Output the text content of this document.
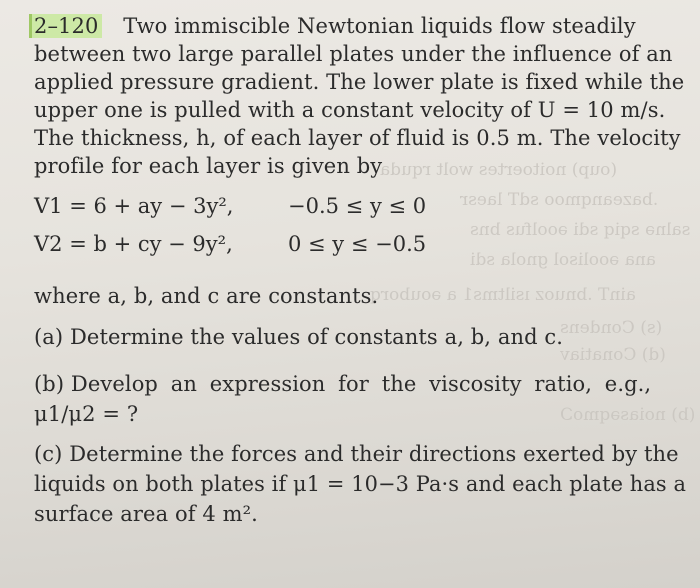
(oup) noitoertes wolt rquda
.bazeanqmoo sdT laesr
salnə sqiq sdi əoolfus bns
ana əoolisol gnola sdi
ainT .bnuoz ısiltms1 a əouborq
(s) Condens
(d) Conatiav
(b) noiasəqmoƆ
2–120 Two immiscible Newtonian liquids flow steadily
between two large parallel plates under the influence of an
applied pressure gradient. The lower plate is fixed while the
upper one is pulled with a constant velocity of U = 10 m/s.
The thickness, h, of each layer of fluid is 0.5 m. The velocity
profile for each layer is given by
V1 = 6 + ay − 3y²,	−0.5 ≤ y ≤ 0
V2 = b + cy − 9y²,	0 ≤ y ≤ −0.5
where a, b, and c are constants.
(a) Determine the values of constants a, b, and c.
(b) Develop an expression for the viscosity ratio, e.g.,
μ1/μ2 = ?
(c) Determine the forces and their directions exerted by the
liquids on both plates if μ1 = 10−3 Pa·s and each plate has a
surface area of 4 m².
